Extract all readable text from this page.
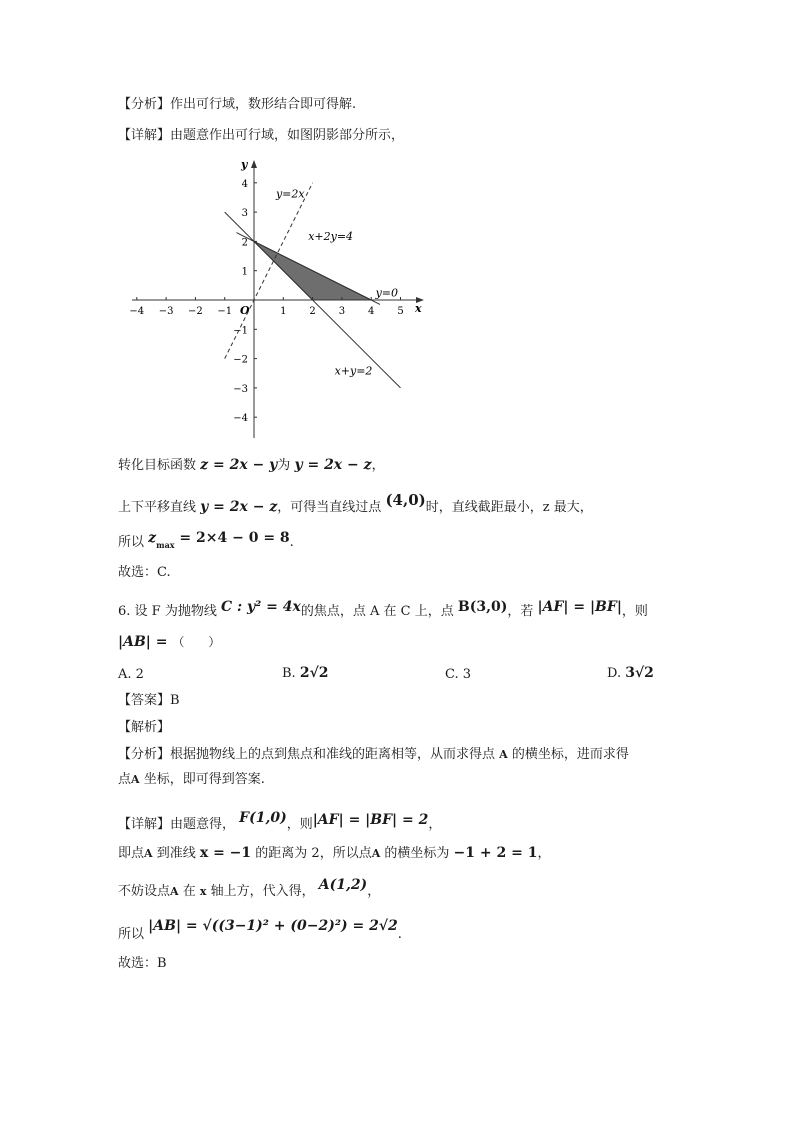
【分析】作出可行域，数形结合即可得解.
【详解】由题意作出可行域，如图阴影部分所示，
x
y
O
−4 −3 −2 −1	1 2 3 4 5
4
3
2
1
−1
−2
−3
−4
y=2x
x+2y=4
y=0
x+y=2
转化目标函数 z = 2x − y为 y = 2x − z，
上下平移直线 y = 2x − z，可得当直线过点 (4,0)时，直线截距最小，z 最大，
所以 $z_{max} = 2\times 4 - 0 = 8$.
故选：C.
6. 设 F 为抛物线 C : y² = 4x的焦点，点 A 在 C 上，点 B(3,0)，若 |AF| = |BF|，则
|AB| = （　　）
A. 2	B. 2√2	C. 3	D. 3√2
【答案】B
【解析】
【分析】根据抛物线上的点到焦点和准线的距离相等，从而求得点 A 的横坐标，进而求得
点A 坐标，即可得到答案.
【详解】由题意得， F(1,0)，则|AF| = |BF| = 2，
即点A 到准线 x = −1 的距离为 2，所以点A 的横坐标为 −1 + 2 = 1，
不妨设点A 在 x 轴上方，代入得， A(1,2)，
所以 |AB| = √((3−1)² + (0−2)²) = 2√2.
故选：B
